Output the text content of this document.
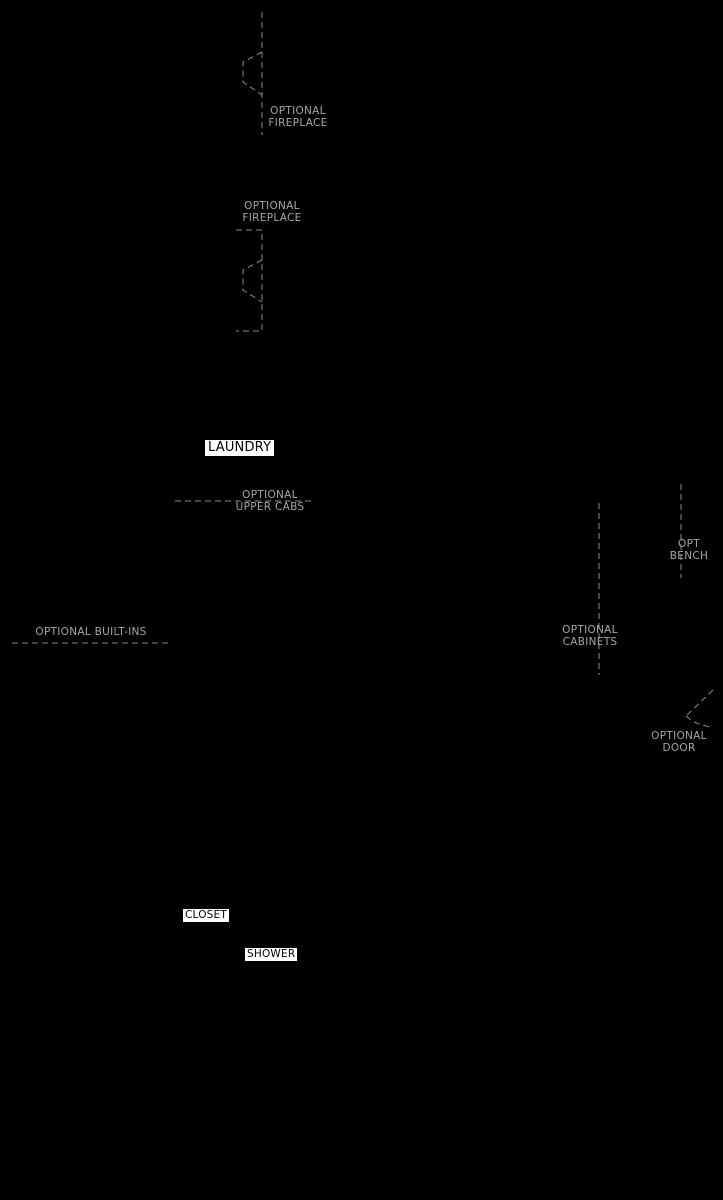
OPTIONAL
FIREPLACE
OPTIONAL
FIREPLACE
LAUNDRY
OPTIONAL
UPPER CABS
OPT
BENCH
OPTIONAL BUILT-INS	OPTIONAL
CABINETS
OPTIONAL
DOOR
CLOSET
SHOWER
